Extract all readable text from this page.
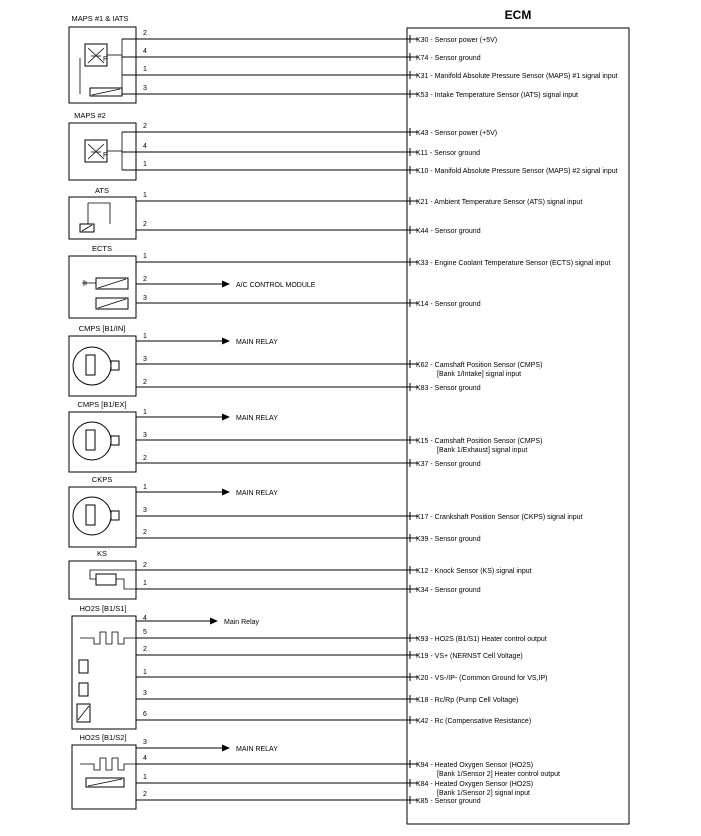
ECM
K30 - Sensor power (+5V)
K74 - Sensor ground
K31 - Manifold Absolute Pressure Sensor (MAPS) #1 signal input
K53 - Intake Temperature Sensor (IATS) signal input
K43 - Sensor power (+5V)
K11 - Sensor ground
K10 - Manifold Absolute Pressure Sensor (MAPS) #2 signal input
K21 - Ambient Temperature Sensor (ATS) signal input
K44 - Sensor ground
K33 - Engine Coolant Temperature Sensor (ECTS) signal input
K14 - Sensor ground
K62 - Camshaft Position Sensor (CMPS)
[Bank 1/Intake] signal input
K83 - Sensor ground
K15 - Camshaft Position Sensor (CMPS)
[Bank 1/Exhaust] signal input
K37 - Sensor ground
K17 - Crankshaft Position Sensor (CKPS) signal input
K39 - Sensor ground
K12 - Knock Sensor (KS) signal input
K34 - Sensor ground
K93 - HO2S (B1/S1) Heater control output
K19 - VS+ (NERNST Cell Voltage)
K20 - VS-/IP- (Common Ground for VS,IP)
K18 - Rc/Rp (Pump Cell Voltage)
K42 - Rc (Compensative Resistance)
K94 - Heated Oxygen Sensor (HO2S)
[Bank 1/Sensor 2] Heater control output
K84 - Heated Oxygen Sensor (HO2S)
[Bank 1/Sensor 2] signal input
K85 - Sensor ground
A/C CONTROL MODULE
MAIN RELAY
MAIN RELAY
MAIN RELAY
Main Relay
MAIN RELAY
MAPS #1 & IATS
P
2
4
1
3
MAPS #2
P
2
4
1
ATS
1
2
ECTS
1
2
3
CMPS [B1/IN]
1
3
2
CMPS [B1/EX]
1
3
2
CKPS
1
3
2
KS
2
1
HO2S [B1/S1]
4
5
2
1
3
6
HO2S [B1/S2]
3
4
1
2
